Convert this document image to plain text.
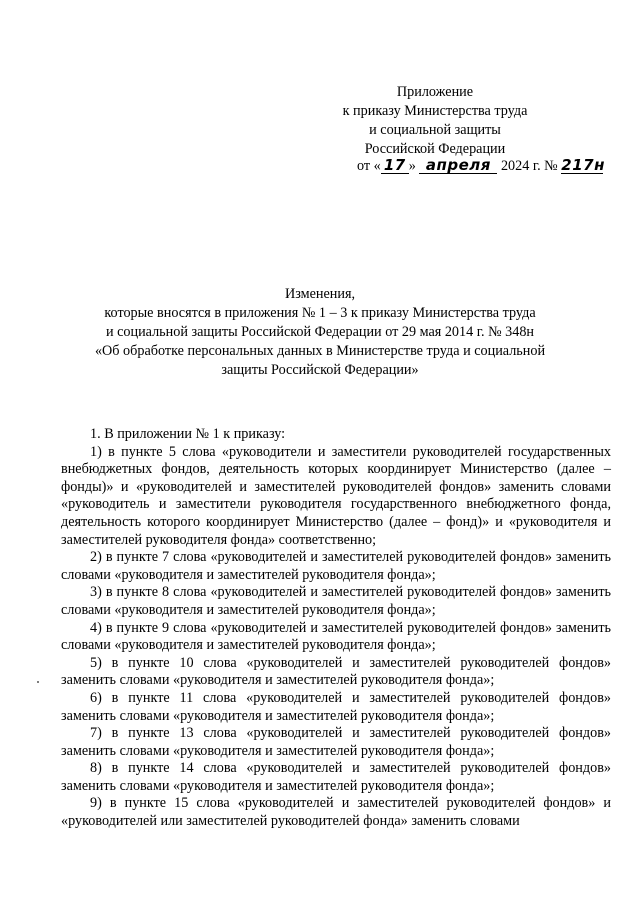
Приложение
к приказу Министерства труда
и социальной защиты
Российской Федерации
от « 17 » апреля 2024 г. № 217н
Изменения,
которые вносятся в приложения № 1 – 3 к приказу Министерства труда
и социальной защиты Российской Федерации от 29 мая 2014 г. № 348н
«Об обработке персональных данных в Министерстве труда и социальной
защиты Российской Федерации»

1. В приложении № 1 к приказу:

1) в пункте 5 слова «руководители и заместители руководителей государственных внебюджетных фондов, деятельность которых координирует Министерство (далее – фонды)» и «руководителей и заместителей руководителей фондов» заменить словами «руководитель и заместители руководителя государственного внебюджетного фонда, деятельность которого координирует Министерство (далее – фонд)» и «руководителя и заместителей руководителя фонда» соответственно;

2) в пункте 7 слова «руководителей и заместителей руководителей фондов» заменить словами «руководителя и заместителей руководителя фонда»;

3) в пункте 8 слова «руководителей и заместителей руководителей фондов» заменить словами «руководителя и заместителей руководителя фонда»;

4) в пункте 9 слова «руководителей и заместителей руководителей фондов» заменить словами «руководителя и заместителей руководителя фонда»;

5) в пункте 10 слова «руководителей и заместителей руководителей фондов» заменить словами «руководителя и заместителей руководителя фонда»;

6) в пункте 11 слова «руководителей и заместителей руководителей фондов» заменить словами «руководителя и заместителей руководителя фонда»;

7) в пункте 13 слова «руководителей и заместителей руководителей фондов» заменить словами «руководителя и заместителей руководителя фонда»;

8) в пункте 14 слова «руководителей и заместителей руководителей фондов» заменить словами «руководителя и заместителей руководителя фонда»;

9) в пункте 15 слова «руководителей и заместителей руководителей фондов» и «руководителей или заместителей руководителей фонда» заменить словами
